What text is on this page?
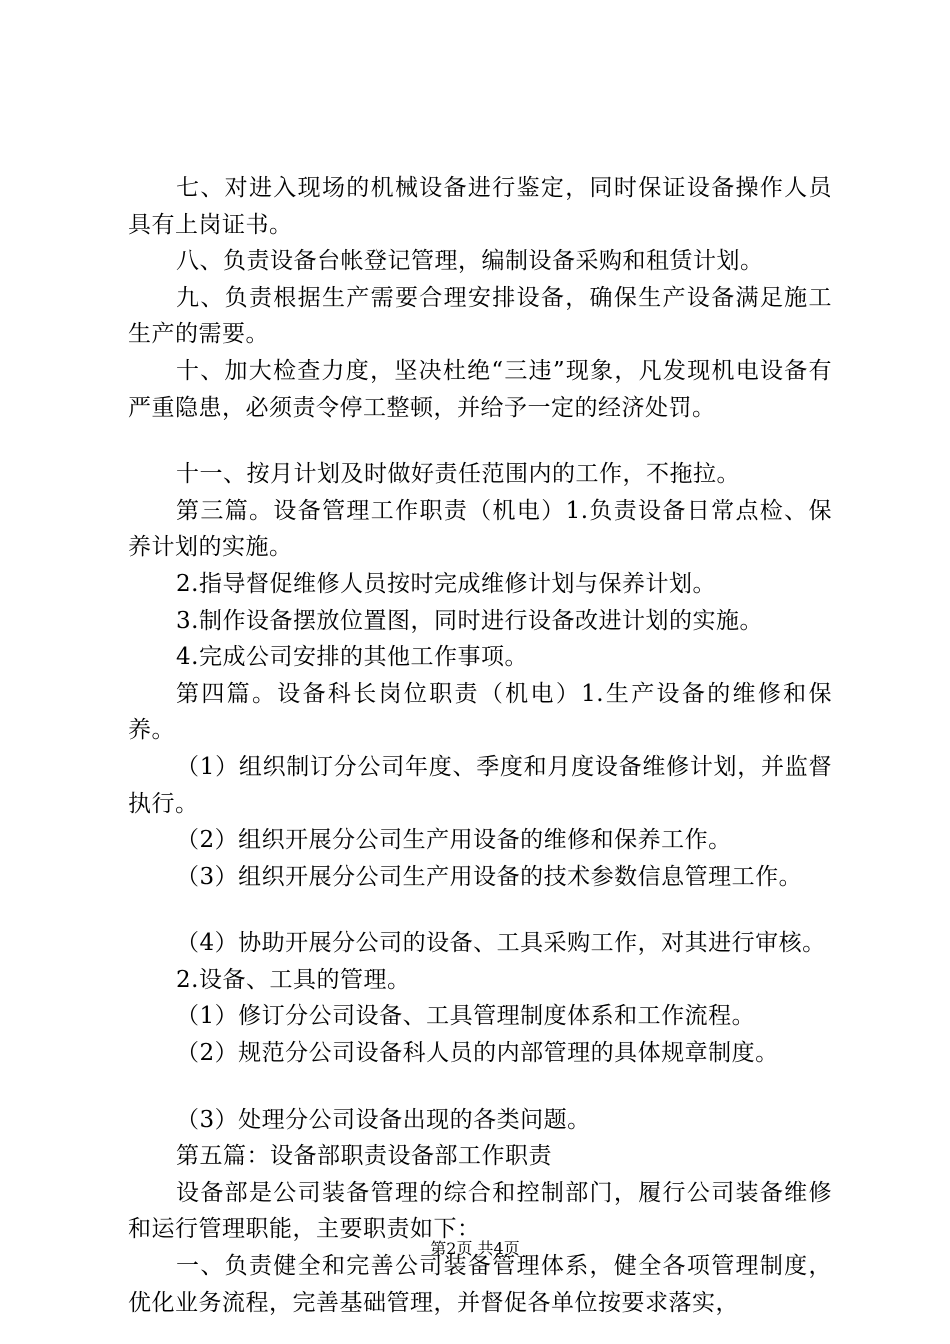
七、对进入现场的机械设备进行鉴定，同时保证设备操作人员具有上岗证书。

八、负责设备台帐登记管理，编制设备采购和租赁计划。

九、负责根据生产需要合理安排设备，确保生产设备满足施工生产的需要。

十、加大检查力度，坚决杜绝“三违”现象，凡发现机电设备有严重隐患，必须责令停工整顿，并给予一定的经济处罚。

十一、按月计划及时做好责任范围内的工作，不拖拉。

第三篇。设备管理工作职责（机电）1.负责设备日常点检、保养计划的实施。

2.指导督促维修人员按时完成维修计划与保养计划。

3.制作设备摆放位置图，同时进行设备改进计划的实施。

4.完成公司安排的其他工作事项。

第四篇。设备科长岗位职责（机电）1.生产设备的维修和保养。

（1）组织制订分公司年度、季度和月度设备维修计划，并监督执行。

（2）组织开展分公司生产用设备的维修和保养工作。

（3）组织开展分公司生产用设备的技术参数信息管理工作。

（4）协助开展分公司的设备、工具采购工作，对其进行审核。

2.设备、工具的管理。

（1）修订分公司设备、工具管理制度体系和工作流程。

（2）规范分公司设备科人员的内部管理的具体规章制度。

（3）处理分公司设备出现的各类问题。

第五篇：设备部职责设备部工作职责

设备部是公司装备管理的综合和控制部门，履行公司装备维修和运行管理职能，主要职责如下：

一、负责健全和完善公司装备管理体系，健全各项管理制度，优化业务流程，完善基础管理，并督促各单位按要求落实，

第2页 共4页
